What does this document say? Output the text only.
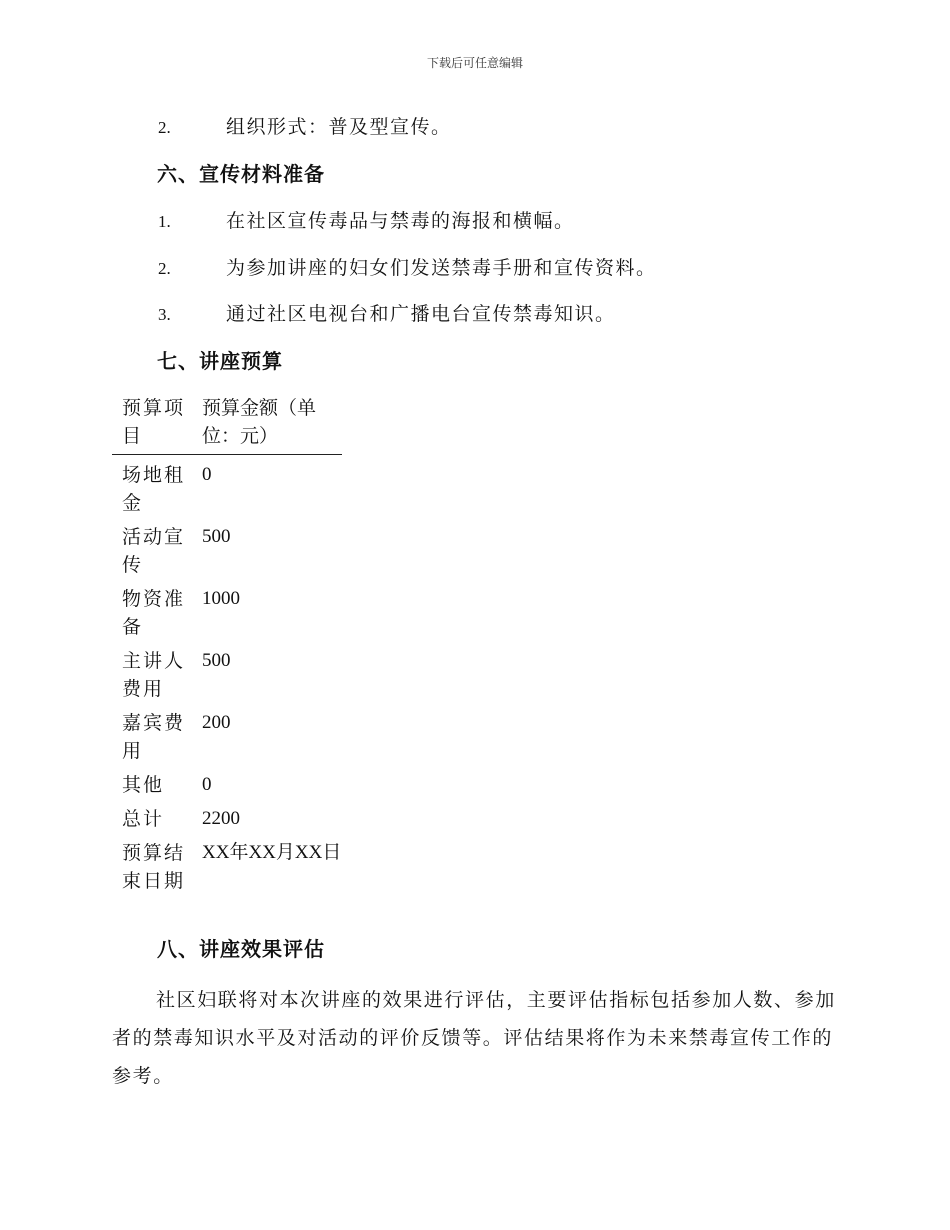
下载后可任意编辑
2.	组织形式：普及型宣传。
六、宣传材料准备
1.	在社区宣传毒品与禁毒的海报和横幅。
2.	为参加讲座的妇女们发送禁毒手册和宣传资料。
3.	通过社区电视台和广播电台宣传禁毒知识。
七、讲座预算
预算项目	预算金额（单位：元）
场地租金	0
活动宣传	500
物资准备	1000
主讲人费用	500
嘉宾费用	200
其他	0
总计	2200
预算结束日期	XX年XX月XX日
八、讲座效果评估
社区妇联将对本次讲座的效果进行评估，主要评估指标包括参加人数、参加者的禁毒知识水平及对活动的评价反馈等。评估结果将作为未来禁毒宣传工作的参考。
